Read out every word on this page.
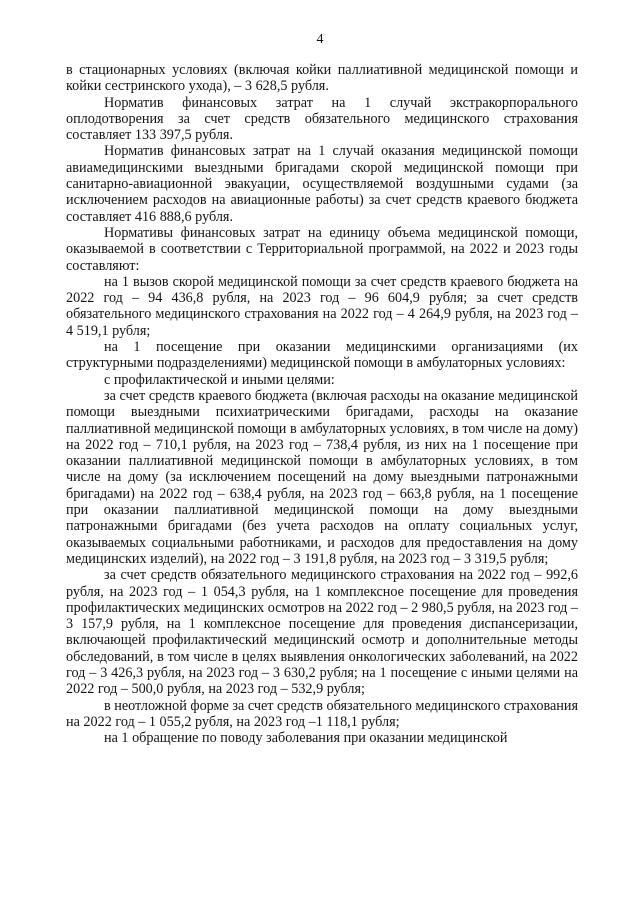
4

в стационарных условиях (включая койки паллиативной медицинской помощи и койки сестринского ухода), – 3 628,5 рубля.

Норматив финансовых затрат на 1 случай экстракорпорального оплодотворения за счет средств обязательного медицинского страхования составляет 133 397,5 рубля.

Норматив финансовых затрат на 1 случай оказания медицинской помощи авиамедицинскими выездными бригадами скорой медицинской помощи при санитарно-авиационной эвакуации, осуществляемой воздушными судами (за исключением расходов на авиационные работы) за счет средств краевого бюджета составляет 416 888,6 рубля.

Нормативы финансовых затрат на единицу объема медицинской помощи, оказываемой в соответствии с Территориальной программой, на 2022 и 2023 годы составляют:

на 1 вызов скорой медицинской помощи за счет средств краевого бюджета на 2022 год – 94 436,8 рубля, на 2023 год – 96 604,9 рубля; за счет средств обязательного медицинского страхования на 2022 год – 4 264,9 рубля, на 2023 год – 4 519,1 рубля;

на 1 посещение при оказании медицинскими организациями (их структурными подразделениями) медицинской помощи в амбулаторных условиях:

с профилактической и иными целями:

за счет средств краевого бюджета (включая расходы на оказание медицинской помощи выездными психиатрическими бригадами, расходы на оказание паллиативной медицинской помощи в амбулаторных условиях, в том числе на дому) на 2022 год – 710,1 рубля, на 2023 год – 738,4 рубля, из них на 1 посещение при оказании паллиативной медицинской помощи в амбулаторных условиях, в том числе на дому (за исключением посещений на дому выездными патронажными бригадами) на 2022 год – 638,4 рубля, на 2023 год – 663,8 рубля, на 1 посещение при оказании паллиативной медицинской помощи на дому выездными патронажными бригадами (без учета расходов на оплату социальных услуг, оказываемых социальными работниками, и расходов для предоставления на дому медицинских изделий), на 2022 год – 3 191,8 рубля, на 2023 год – 3 319,5 рубля;

за счет средств обязательного медицинского страхования на 2022 год – 992,6 рубля, на 2023 год – 1 054,3 рубля, на 1 комплексное посещение для проведения профилактических медицинских осмотров на 2022 год – 2 980,5 рубля, на 2023 год – 3 157,9 рубля, на 1 комплексное посещение для проведения диспансеризации, включающей профилактический медицинский осмотр и дополнительные методы обследований, в том числе в целях выявления онкологических заболеваний, на 2022 год – 3 426,3 рубля, на 2023 год – 3 630,2 рубля; на 1 посещение с иными целями на 2022 год – 500,0 рубля, на 2023 год – 532,9 рубля;

в неотложной форме за счет средств обязательного медицинского страхования на 2022 год – 1 055,2 рубля, на 2023 год –1 118,1 рубля;

на 1 обращение по поводу заболевания при оказании медицинской
